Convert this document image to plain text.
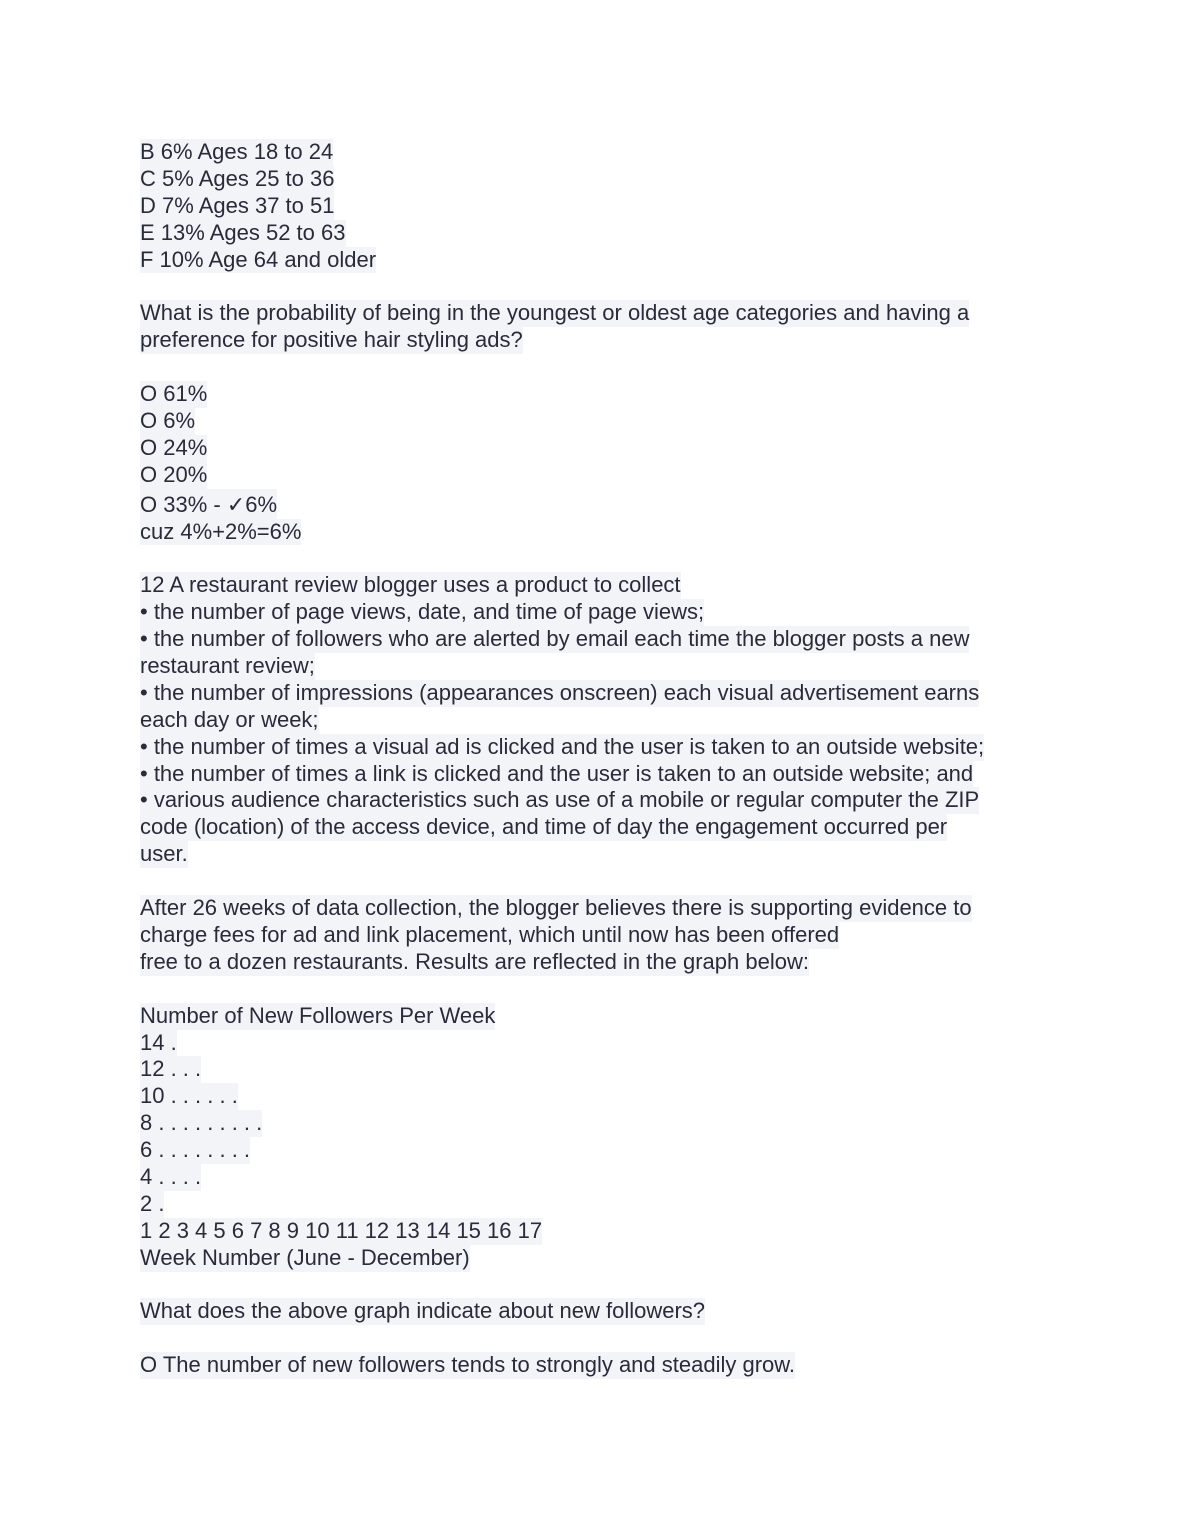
B 6% Ages 18 to 24
C 5% Ages 25 to 36
D 7% Ages 37 to 51
E 13% Ages 52 to 63
F 10% Age 64 and older
What is the probability of being in the youngest or oldest age categories and having a
preference for positive hair styling ads?
O 61%
O 6%
O 24%
O 20%
O 33% - ✓6%
cuz 4%+2%=6%
12 A restaurant review blogger uses a product to collect
• the number of page views, date, and time of page views;
• the number of followers who are alerted by email each time the blogger posts a new
restaurant review;
• the number of impressions (appearances onscreen) each visual advertisement earns
each day or week;
• the number of times a visual ad is clicked and the user is taken to an outside website;
• the number of times a link is clicked and the user is taken to an outside website; and
• various audience characteristics such as use of a mobile or regular computer the ZIP
code (location) of the access device, and time of day the engagement occurred per
user.
After 26 weeks of data collection, the blogger believes there is supporting evidence to
charge fees for ad and link placement, which until now has been offered
free to a dozen restaurants. Results are reflected in the graph below:
Number of New Followers Per Week
14 .
12 . . .
10 . . . . . .
8 . . . . . . . . .
6 . . . . . . . .
4 . . . .
2 .
1 2 3 4 5 6 7 8 9 10 11 12 13 14 15 16 17
Week Number (June - December)
What does the above graph indicate about new followers?
O The number of new followers tends to strongly and steadily grow.
